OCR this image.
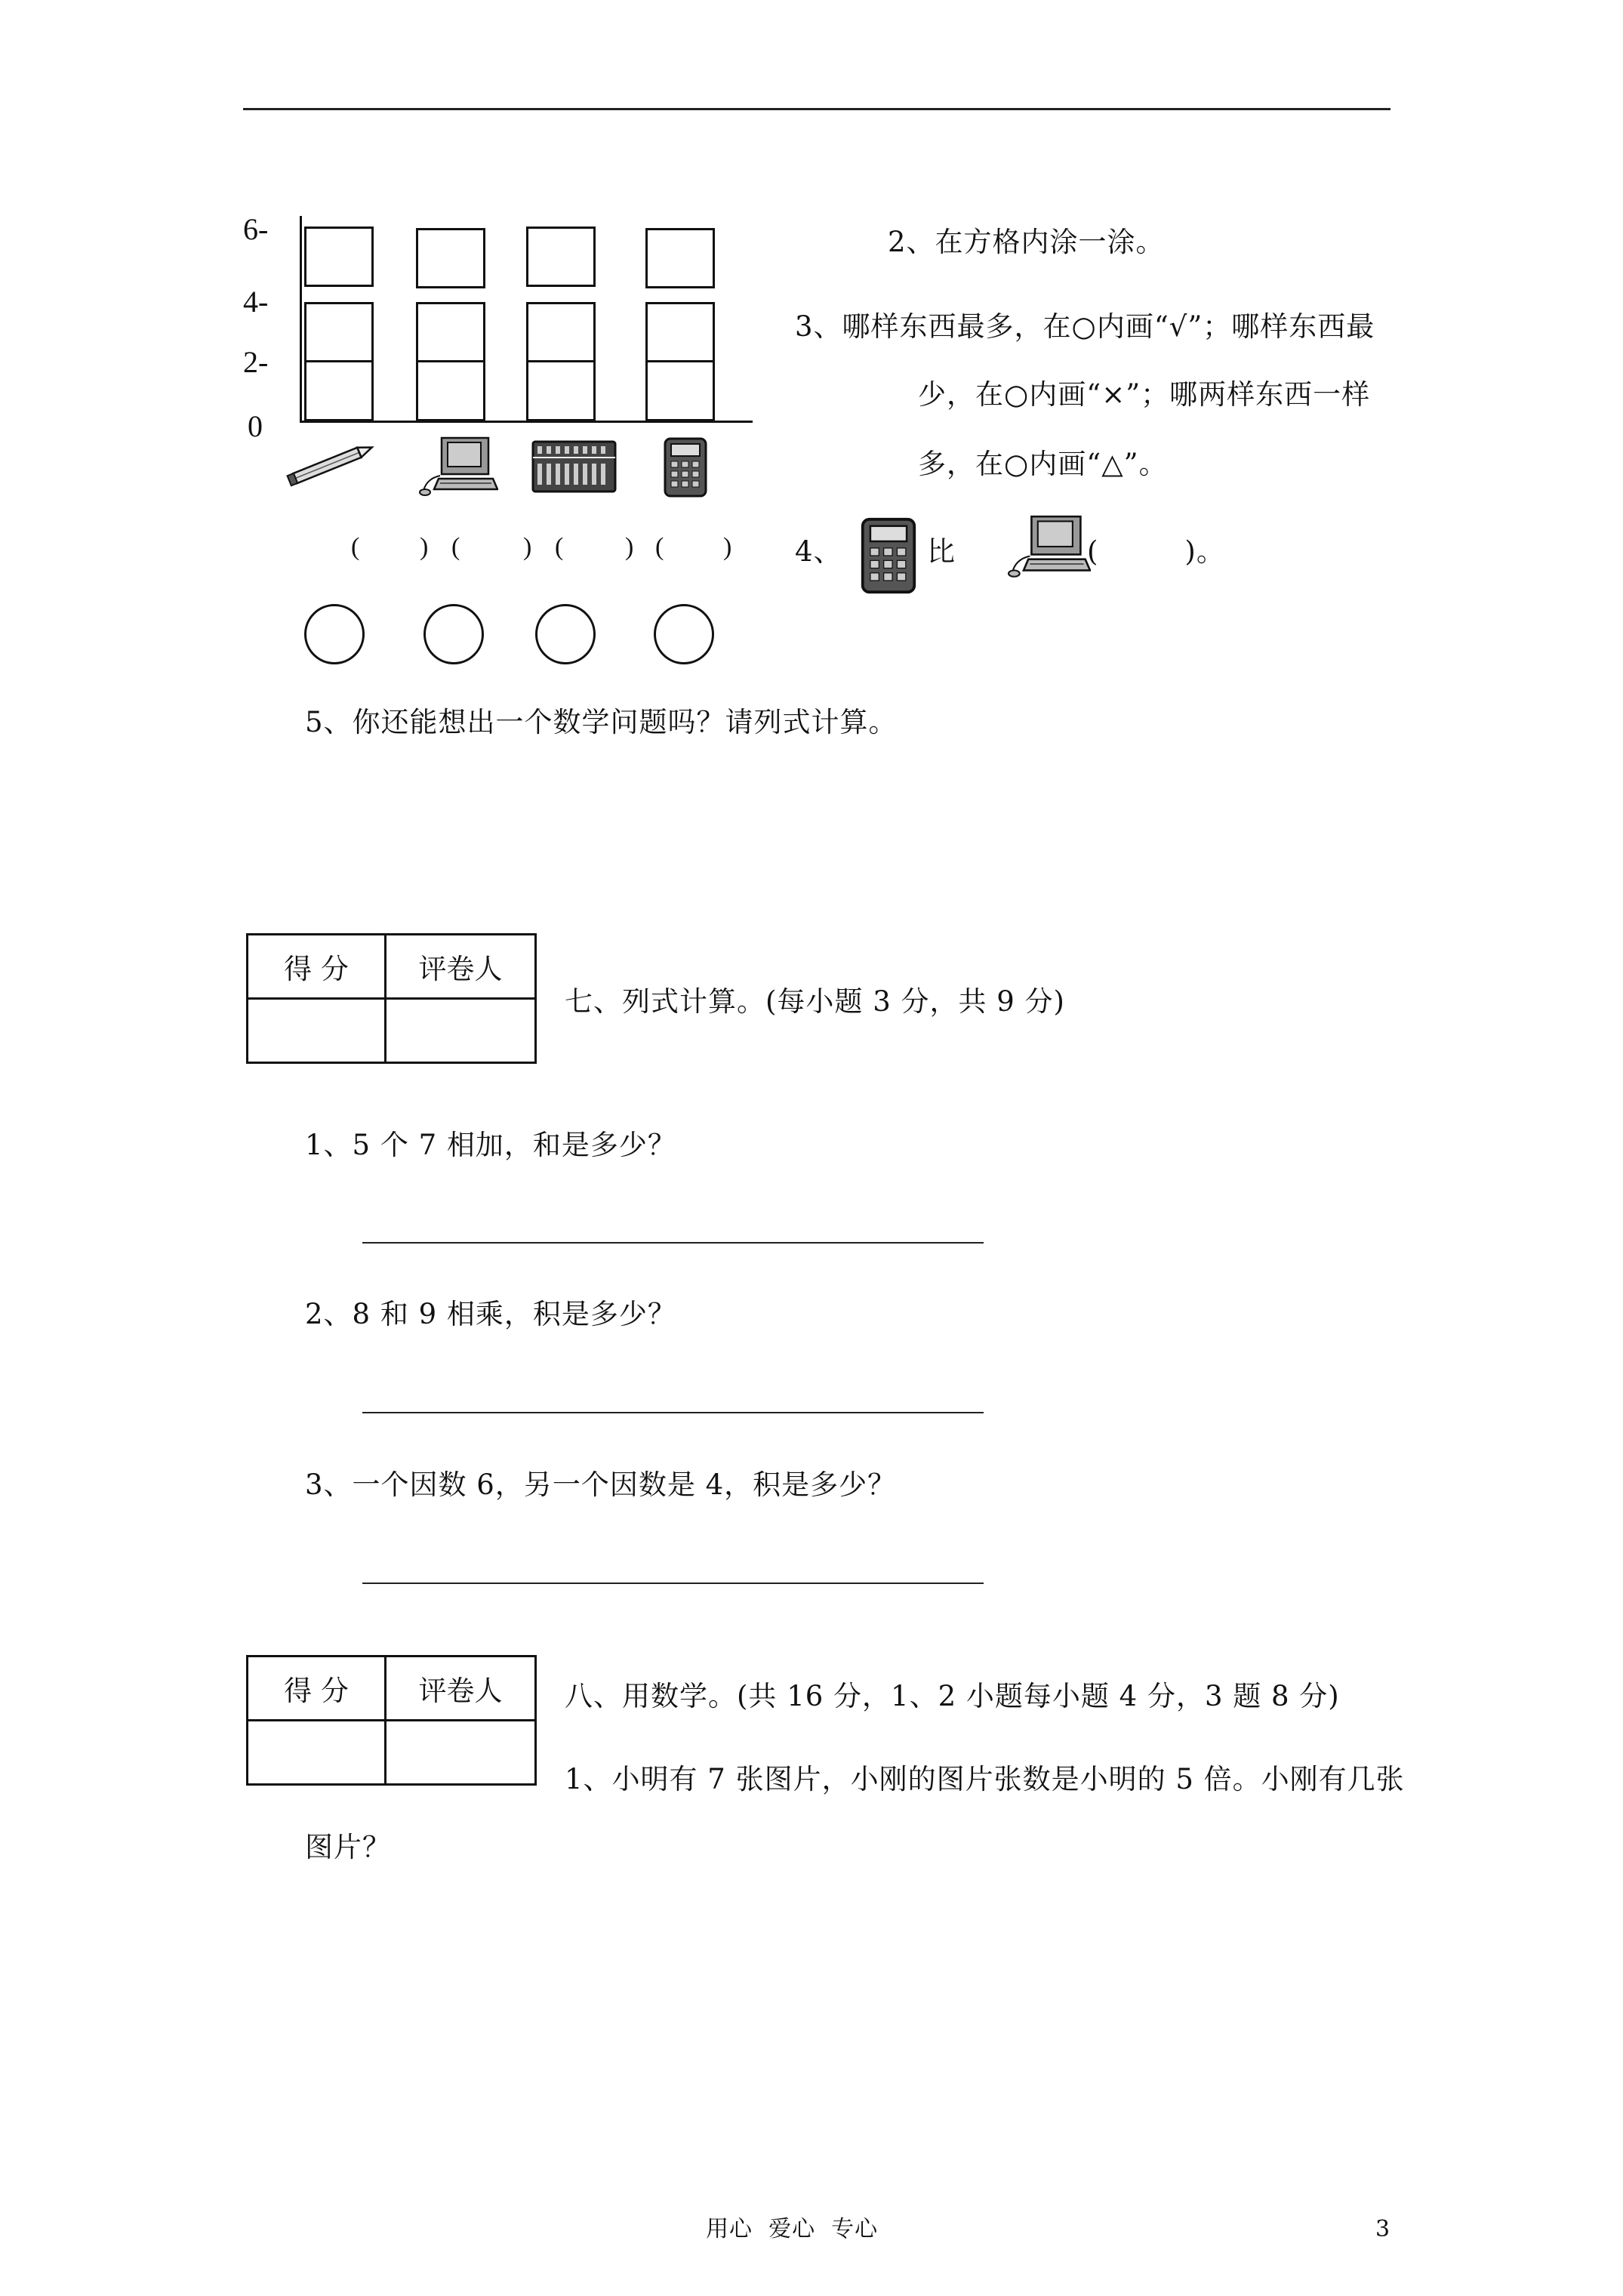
6-
4-
2-
0
( ) ( ) ( ) ( )
2、在方格内涂一涂。
3、哪样东西最多，在○内画“√”；哪样东西最
少，在○内画“×”；哪两样东西一样
多，在○内画“△”。
4、	比	(　　　)。
5、你还能想出一个数学问题吗？请列式计算。
得 分	评卷人

七、列式计算。(每小题 3 分，共 9 分)
1、5 个 7 相加，和是多少？
2、8 和 9 相乘，积是多少？
3、一个因数 6，另一个因数是 4，积是多少？
得 分	评卷人
	八、用数学。(共 16 分，1、2 小题每小题 4 分，3 题 8 分)
1、小明有 7 张图片，小刚的图片张数是小明的 5 倍。小刚有几张
图片？
用心  爱心  专心	3
